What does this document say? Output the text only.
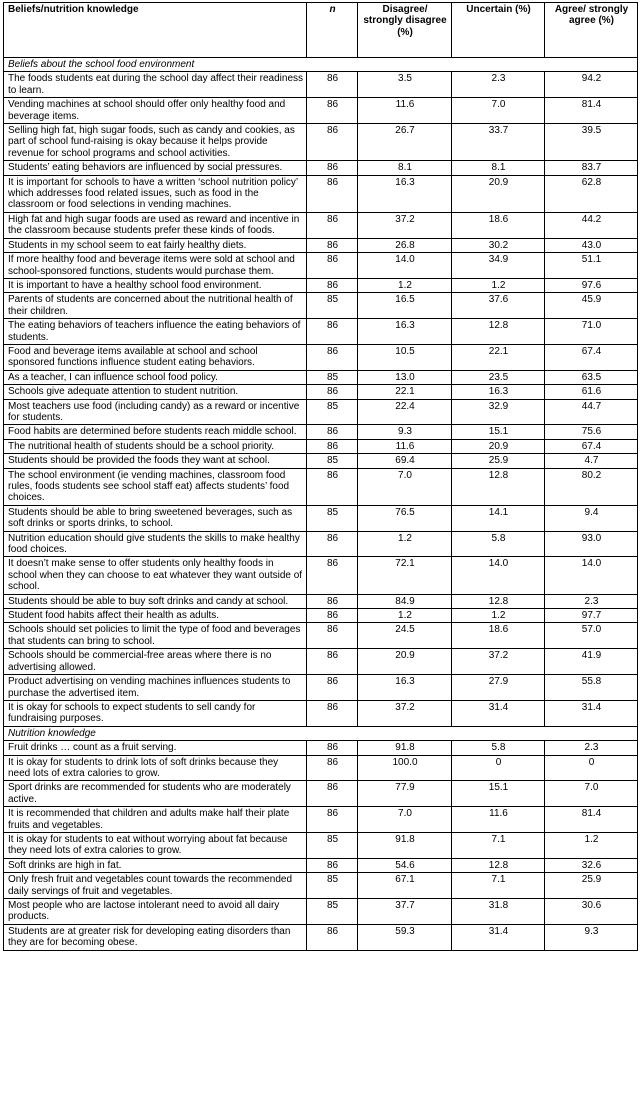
Beliefs/nutrition knowledge	n	Disagree/ strongly disagree (%)	Uncertain (%)	Agree/ strongly agree (%)
Beliefs about the school food environment				
The foods students eat during the school day affect their readiness to learn.	86	3.5	2.3	94.2
Vending machines at school should offer only healthy food and beverage items.	86	11.6	7.0	81.4
Selling high fat, high sugar foods, such as candy and cookies, as part of school fund-raising is okay because it helps provide revenue for school programs and school activities.	86	26.7	33.7	39.5
Students’ eating behaviors are influenced by social pressures.	86	8.1	8.1	83.7
It is important for schools to have a written ‘school nutrition policy’ which addresses food related issues, such as food in the classroom or food selections in vending machines.	86	16.3	20.9	62.8
High fat and high sugar foods are used as reward and incentive in the classroom because students prefer these kinds of foods.	86	37.2	18.6	44.2
Students in my school seem to eat fairly healthy diets.	86	26.8	30.2	43.0
If more healthy food and beverage items were sold at school and school-sponsored functions, students would purchase them.	86	14.0	34.9	51.1
It is important to have a healthy school food environment.	86	1.2	1.2	97.6
Parents of students are concerned about the nutritional health of their children.	85	16.5	37.6	45.9
The eating behaviors of teachers influence the eating behaviors of students.	86	16.3	12.8	71.0
Food and beverage items available at school and school sponsored functions influence student eating behaviors.	86	10.5	22.1	67.4
As a teacher, I can influence school food policy.	85	13.0	23.5	63.5
Schools give adequate attention to student nutrition.	86	22.1	16.3	61.6
Most teachers use food (including candy) as a reward or incentive for students.	85	22.4	32.9	44.7
Food habits are determined before students reach middle school.	86	9.3	15.1	75.6
The nutritional health of students should be a school priority.	86	11.6	20.9	67.4
Students should be provided the foods they want at school.	85	69.4	25.9	4.7
The school environment (ie vending machines, classroom food rules, foods students see school staff eat) affects students’ food choices.	86	7.0	12.8	80.2
Students should be able to bring sweetened beverages, such as soft drinks or sports drinks, to school.	85	76.5	14.1	9.4
Nutrition education should give students the skills to make healthy food choices.	86	1.2	5.8	93.0
It doesn’t make sense to offer students only healthy foods in school when they can choose to eat whatever they want outside of school.	86	72.1	14.0	14.0
Students should be able to buy soft drinks and candy at school.	86	84.9	12.8	2.3
Student food habits affect their health as adults.	86	1.2	1.2	97.7
Schools should set policies to limit the type of food and beverages that students can bring to school.	86	24.5	18.6	57.0
Schools should be commercial-free areas where there is no advertising allowed.	86	20.9	37.2	41.9
Product advertising on vending machines influences students to purchase the advertised item.	86	16.3	27.9	55.8
It is okay for schools to expect students to sell candy for fundraising purposes.	86	37.2	31.4	31.4
Nutrition knowledge				
Fruit drinks … count as a fruit serving.	86	91.8	5.8	2.3
It is okay for students to drink lots of soft drinks because they need lots of extra calories to grow.	86	100.0	0	0
Sport drinks are recommended for students who are moderately active.	86	77.9	15.1	7.0
It is recommended that children and adults make half their plate fruits and vegetables.	86	7.0	11.6	81.4
It is okay for students to eat without worrying about fat because they need lots of extra calories to grow.	85	91.8	7.1	1.2
Soft drinks are high in fat.	86	54.6	12.8	32.6
Only fresh fruit and vegetables count towards the recommended daily servings of fruit and vegetables.	85	67.1	7.1	25.9
Most people who are lactose intolerant need to avoid all dairy products.	85	37.7	31.8	30.6
Students are at greater risk for developing eating disorders than they are for becoming obese.	86	59.3	31.4	9.3
